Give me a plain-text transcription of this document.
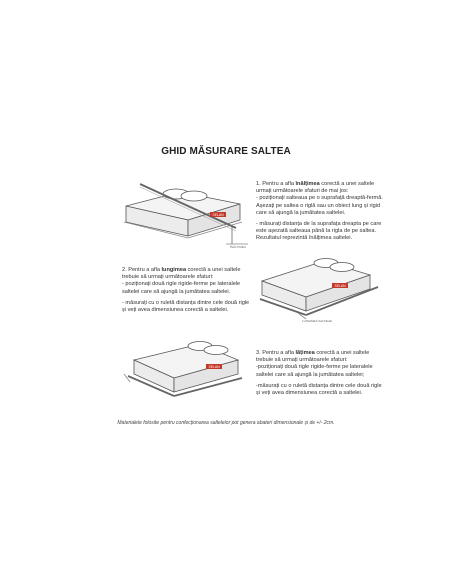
GHID MĂSURARE SALTEA
SELAN
ÎNĂLȚIMEA

1. Pentru a afla înălțimea corectă a unei saltele

urmați următoarele sfaturi de mai jos:

- poziționați salteaua pe o suprafață dreaptă-fermă.

Așezați pe saltea o riglă sau un obiect lung și rigid

care să ajungă la jumătatea saltelei.

- măsurați distanța de la suprafața dreapta pe care

este așezată salteaua până la rigla de pe saltea.

Rezultatul reprezintă înălțimea saltelei.

2. Pentru a afla lungimea corectă a unei saltele

trebuie să urmați următoarele sfaturi:

- poziționați două rigle rigide-ferme pe lateralele

saltelei care să ajungă la jumătatea saltelei.

- măsurați cu o ruletă distanța dintre cele două rigle

și veți avea dimensiunea corectă a saltelei.

SELAN
LUNGIMEA SALTELEI
SELAN

3. Pentru a afla lățimea corectă a unei saltele

trebuie să urmați următoarele sfaturi:

-poziționați două rigle rigide-ferme pe lateralele

saltelei care să ajungă la jumătatea saltelei;

-măsurați cu o ruletă distanța dintre cele două rigle

și veți avea dimensiunea corectă a saltelei.

Materialele folosite pentru confecționarea saltelelor pot genera abateri dimensionale și de +/- 2cm.
